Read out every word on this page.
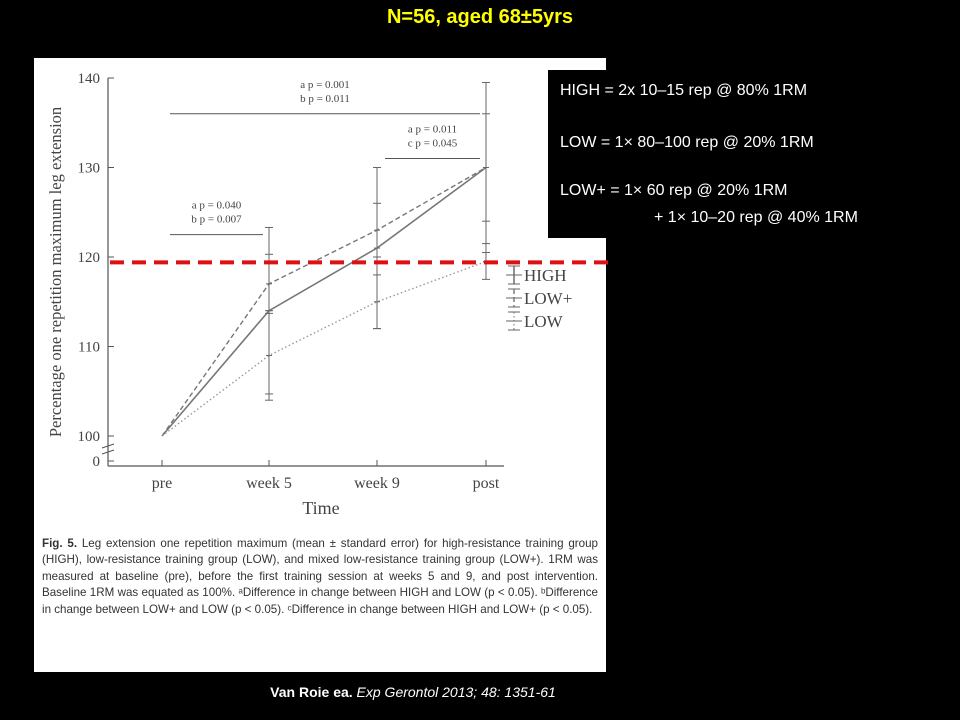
N=56, aged 68±5yrs
0
100
110
120
130
140
pre	week 5	week 9	post
Time
Percentage one repetition maximum leg extension	a p = 0.040
b p = 0.007
a p = 0.011
c p = 0.045
a p = 0.001
b p = 0.011
HIGH
LOW+
LOW
Fig. 5. Leg extension one repetition maximum (mean ± standard error) for high-resistance training group (HIGH), low-resistance training group (LOW), and mixed low-resistance training group (LOW+). 1RM was measured at baseline (pre), before the first training session at weeks 5 and 9, and post intervention. Baseline 1RM was equated as 100%. ᵃDifference in change between HIGH and LOW (p < 0.05). ᵇDifference in change between LOW+ and LOW (p < 0.05). ᶜDifference in change between HIGH and LOW+ (p < 0.05).
HIGH = 2x 10–15 rep @ 80% 1RM
LOW = 1× 80–100 rep @ 20% 1RM
LOW+ = 1× 60 rep @ 20% 1RM
+ 1× 10–20 rep @ 40% 1RM
Van Roie ea. Exp Gerontol 2013; 48: 1351-61
